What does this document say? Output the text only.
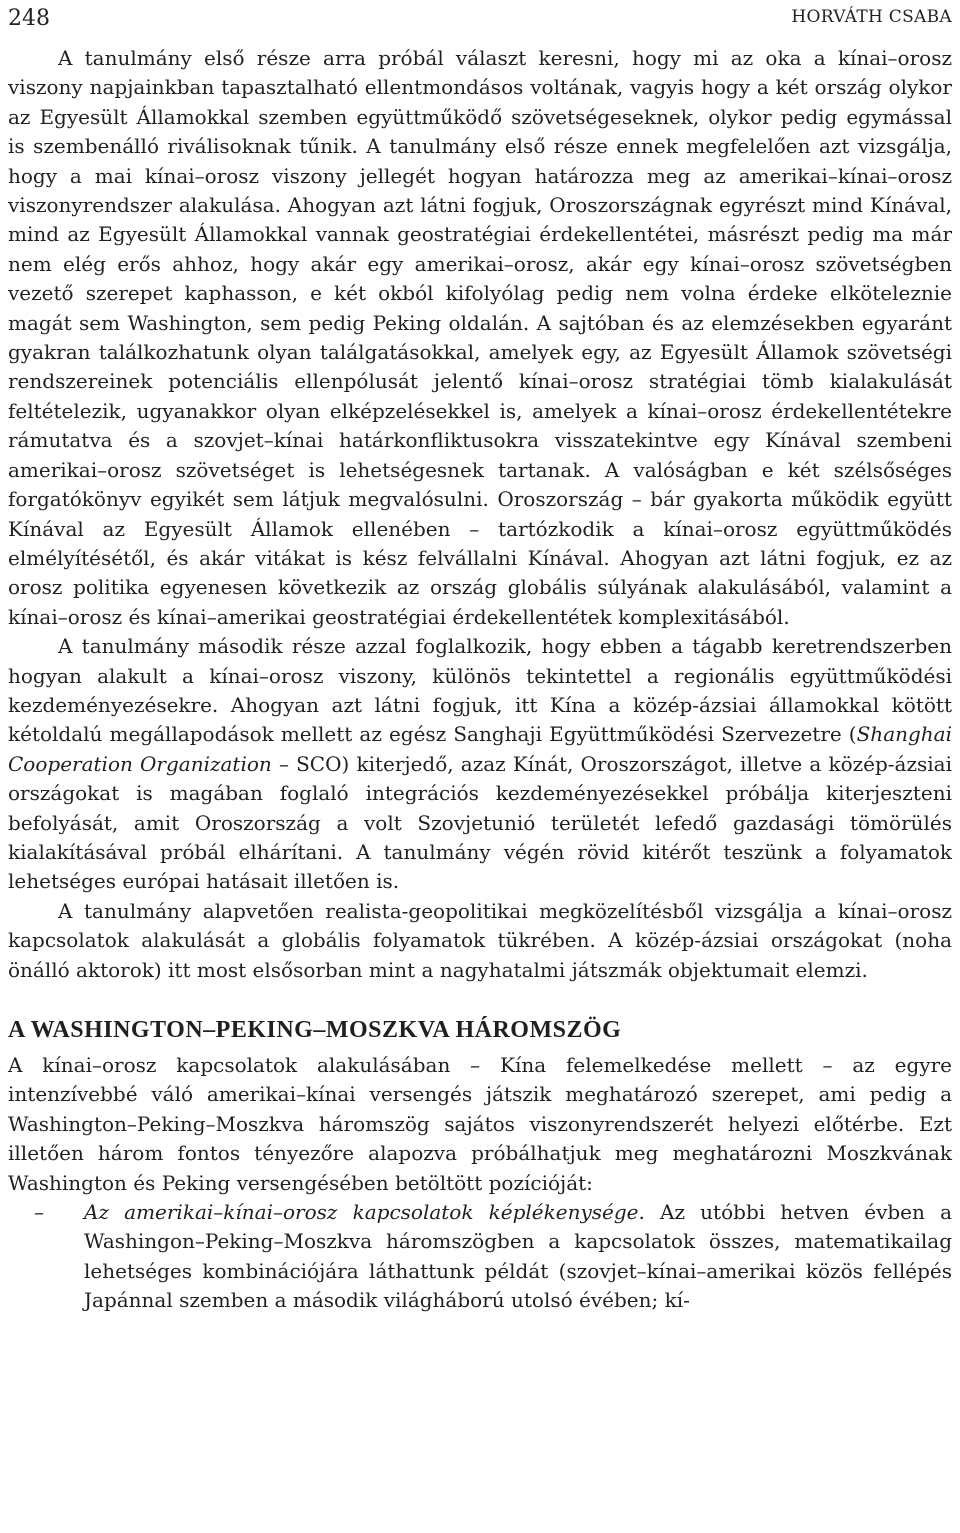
248	HORVÁTH CSABA

A tanulmány első része arra próbál választ keresni, hogy mi az oka a kínai–orosz viszony napjainkban tapasztalható ellentmondásos voltának, vagyis hogy a két ország olykor az Egyesült Államokkal szemben együttműködő szövetségeseknek, olykor pedig egymással is szembenálló riválisoknak tűnik. A tanulmány első része ennek megfelelően azt vizsgálja, hogy a mai kínai–orosz viszony jellegét hogyan határozza meg az amerikai–kínai–orosz viszonyrendszer alakulása. Ahogyan azt látni fogjuk, Oroszországnak egyrészt mind Kínával, mind az Egyesült Államokkal vannak geostratégiai érdekellentétei, másrészt pedig ma már nem elég erős ahhoz, hogy akár egy amerikai–orosz, akár egy kínai–orosz szövetségben vezető szerepet kaphasson, e két okból kifolyólag pedig nem volna érdeke elköteleznie magát sem Washington, sem pedig Peking oldalán. A sajtóban és az elemzésekben egyaránt gyakran találkozhatunk olyan találgatásokkal, amelyek egy, az Egyesült Államok szövetségi rendszereinek potenciális ellenpólusát jelentő kínai–orosz stratégiai tömb kialakulását feltételezik, ugyanakkor olyan elképzelésekkel is, amelyek a kínai–orosz érdekellentétekre rámutatva és a szovjet–kínai határkonfliktusokra visszatekintve egy Kínával szembeni amerikai–orosz szövetséget is lehetségesnek tartanak. A valóságban e két szélsőséges forgatókönyv egyikét sem látjuk megvalósulni. Oroszország – bár gyakorta működik együtt Kínával az Egyesült Államok ellenében – tartózkodik a kínai–orosz együttműködés elmélyítésétől, és akár vitákat is kész felvállalni Kínával. Ahogyan azt látni fogjuk, ez az orosz politika egyenesen következik az ország globális súlyának alakulásából, valamint a kínai–orosz és kínai–amerikai geostratégiai érdekellentétek komplexitásából.

A tanulmány második része azzal foglalkozik, hogy ebben a tágabb keretrendszerben hogyan alakult a kínai–orosz viszony, különös tekintettel a regionális együttműködési kezdeményezésekre. Ahogyan azt látni fogjuk, itt Kína a közép-ázsiai államokkal kötött kétoldalú megállapodások mellett az egész Sanghaji Együttműködési Szervezetre (Shanghai Cooperation Organization – SCO) kiterjedő, azaz Kínát, Oroszországot, illetve a közép-ázsiai országokat is magában foglaló integrációs kezdeményezésekkel próbálja kiterjeszteni befolyását, amit Oroszország a volt Szovjetunió területét lefedő gazdasági tömörülés kialakításával próbál elhárítani. A tanulmány végén rövid kitérőt teszünk a folyamatok lehetséges európai hatásait illetően is.

A tanulmány alapvetően realista-geopolitikai megközelítésből vizsgálja a kínai–orosz kapcsolatok alakulását a globális folyamatok tükrében. A közép-ázsiai országokat (noha önálló aktorok) itt most elsősorban mint a nagyhatalmi játszmák objektumait elemzi.

A WASHINGTON–PEKING–MOSZKVA HÁROMSZÖG

A kínai–orosz kapcsolatok alakulásában – Kína felemelkedése mellett – az egyre intenzívebbé váló amerikai–kínai versengés játszik meghatározó szerepet, ami pedig a Washington–Peking–Moszkva háromszög sajátos viszonyrendszerét helyezi előtérbe. Ezt illetően három fontos tényezőre alapozva próbálhatjuk meg meghatározni Moszkvának Washington és Peking versengésében betöltött pozícióját:

– Az amerikai–kínai–orosz kapcsolatok képlékenysége. Az utóbbi hetven évben a Washingon–Peking–Moszkva háromszögben a kapcsolatok összes, matematikailag lehetséges kombinációjára láthattunk példát (szovjet–kínai–amerikai közös fellépés Japánnal szemben a második világháború utolsó évében; kí-
